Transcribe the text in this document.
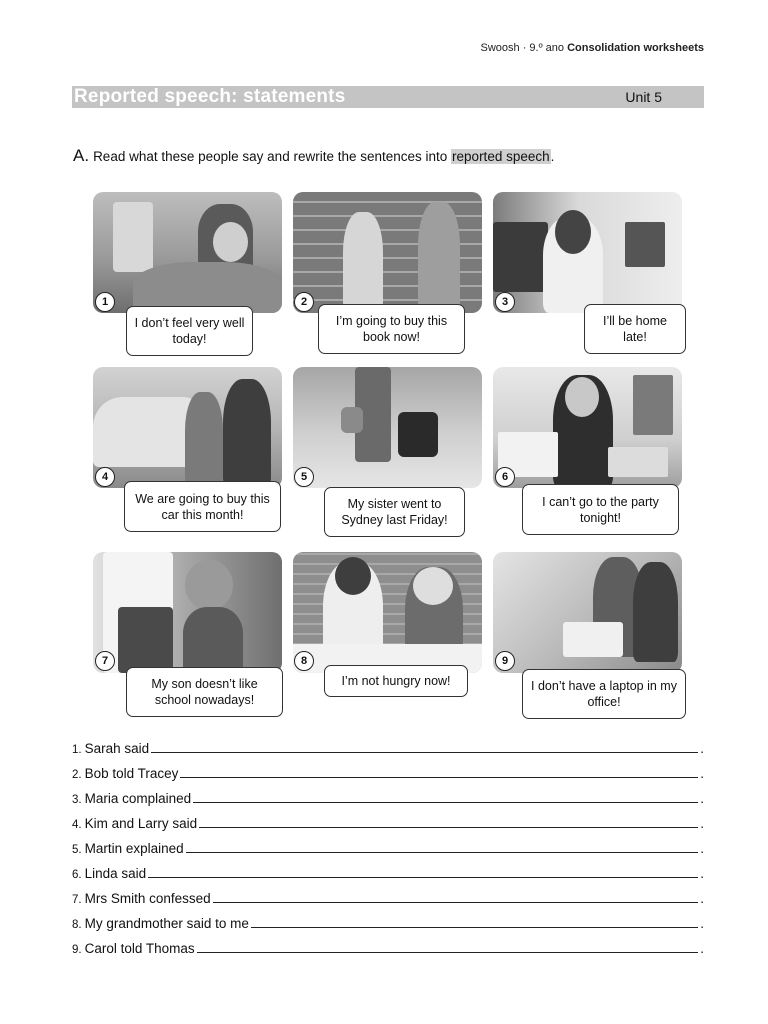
Swoosh · 9.º ano Consolidation worksheets
Reported speech: statements	Unit 5
A. Read what these people say and rewrite the sentences into reported speech.
1	2	3
4	5	6
7	8	9
I don’t feel very well today!
I’m going to buy this book now!
I’ll be home late!
We are going to buy this car this month!
My sister went to Sydney last Friday!
I can’t go to the party tonight!
My son doesn’t like school nowadays!
I’m not hungry now!	I don’t have a laptop in my office!
1. Sarah said	.
2. Bob told Tracey	.
3. Maria complained	.
4. Kim and Larry said	.
5. Martin explained	.
6. Linda said	.
7. Mrs Smith confessed	.
8. My grandmother said to me	.
9. Carol told Thomas	.
